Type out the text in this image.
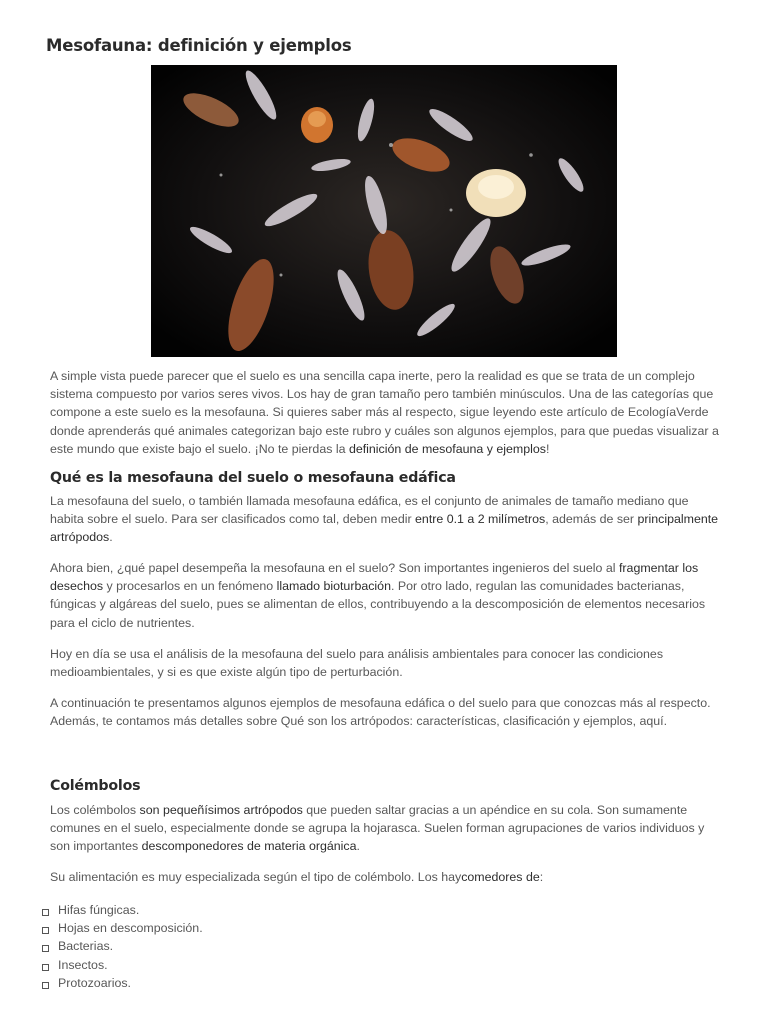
Mesofauna: definición y ejemplos

A simple vista puede parecer que el suelo es una sencilla capa inerte, pero la realidad es que se trata de un complejo sistema compuesto por varios seres vivos. Los hay de gran tamaño pero también minúsculos. Una de las categorías que compone a este suelo es la mesofauna. Si quieres saber más al respecto, sigue leyendo este artículo de EcologíaVerde donde aprenderás qué animales categorizan bajo este rubro y cuáles son algunos ejemplos, para que puedas visualizar a este mundo que existe bajo el suelo. ¡No te pierdas la definición de mesofauna y ejemplos!

Qué es la mesofauna del suelo o mesofauna edáfica

La mesofauna del suelo, o también llamada mesofauna edáfica, es el conjunto de animales de tamaño mediano que habita sobre el suelo. Para ser clasificados como tal, deben medir entre 0.1 a 2 milímetros, además de ser principalmente artrópodos.

Ahora bien, ¿qué papel desempeña la mesofauna en el suelo? Son importantes ingenieros del suelo al fragmentar los desechos y procesarlos en un fenómeno llamado bioturbación. Por otro lado, regulan las comunidades bacterianas, fúngicas y algáreas del suelo, pues se alimentan de ellos, contribuyendo a la descomposición de elementos necesarios para el ciclo de nutrientes.

Hoy en día se usa el análisis de la mesofauna del suelo para análisis ambientales para conocer las condiciones medioambientales, y si es que existe algún tipo de perturbación.

A continuación te presentamos algunos ejemplos de mesofauna edáfica o del suelo para que conozcas más al respecto. Además, te contamos más detalles sobre Qué son los artrópodos: características, clasificación y ejemplos, aquí.

Colémbolos

Los colémbolos son pequeñísimos artrópodos que pueden saltar gracias a un apéndice en su cola. Son sumamente comunes en el suelo, especialmente donde se agrupa la hojarasca. Suelen forman agrupaciones de varios individuos y son importantes descomponedores de materia orgánica.

Su alimentación es muy especializada según el tipo de colémbolo. Los haycomedores de:

Hifas fúngicas.
Hojas en descomposición.
Bacterias.
Insectos.
Protozoarios.
